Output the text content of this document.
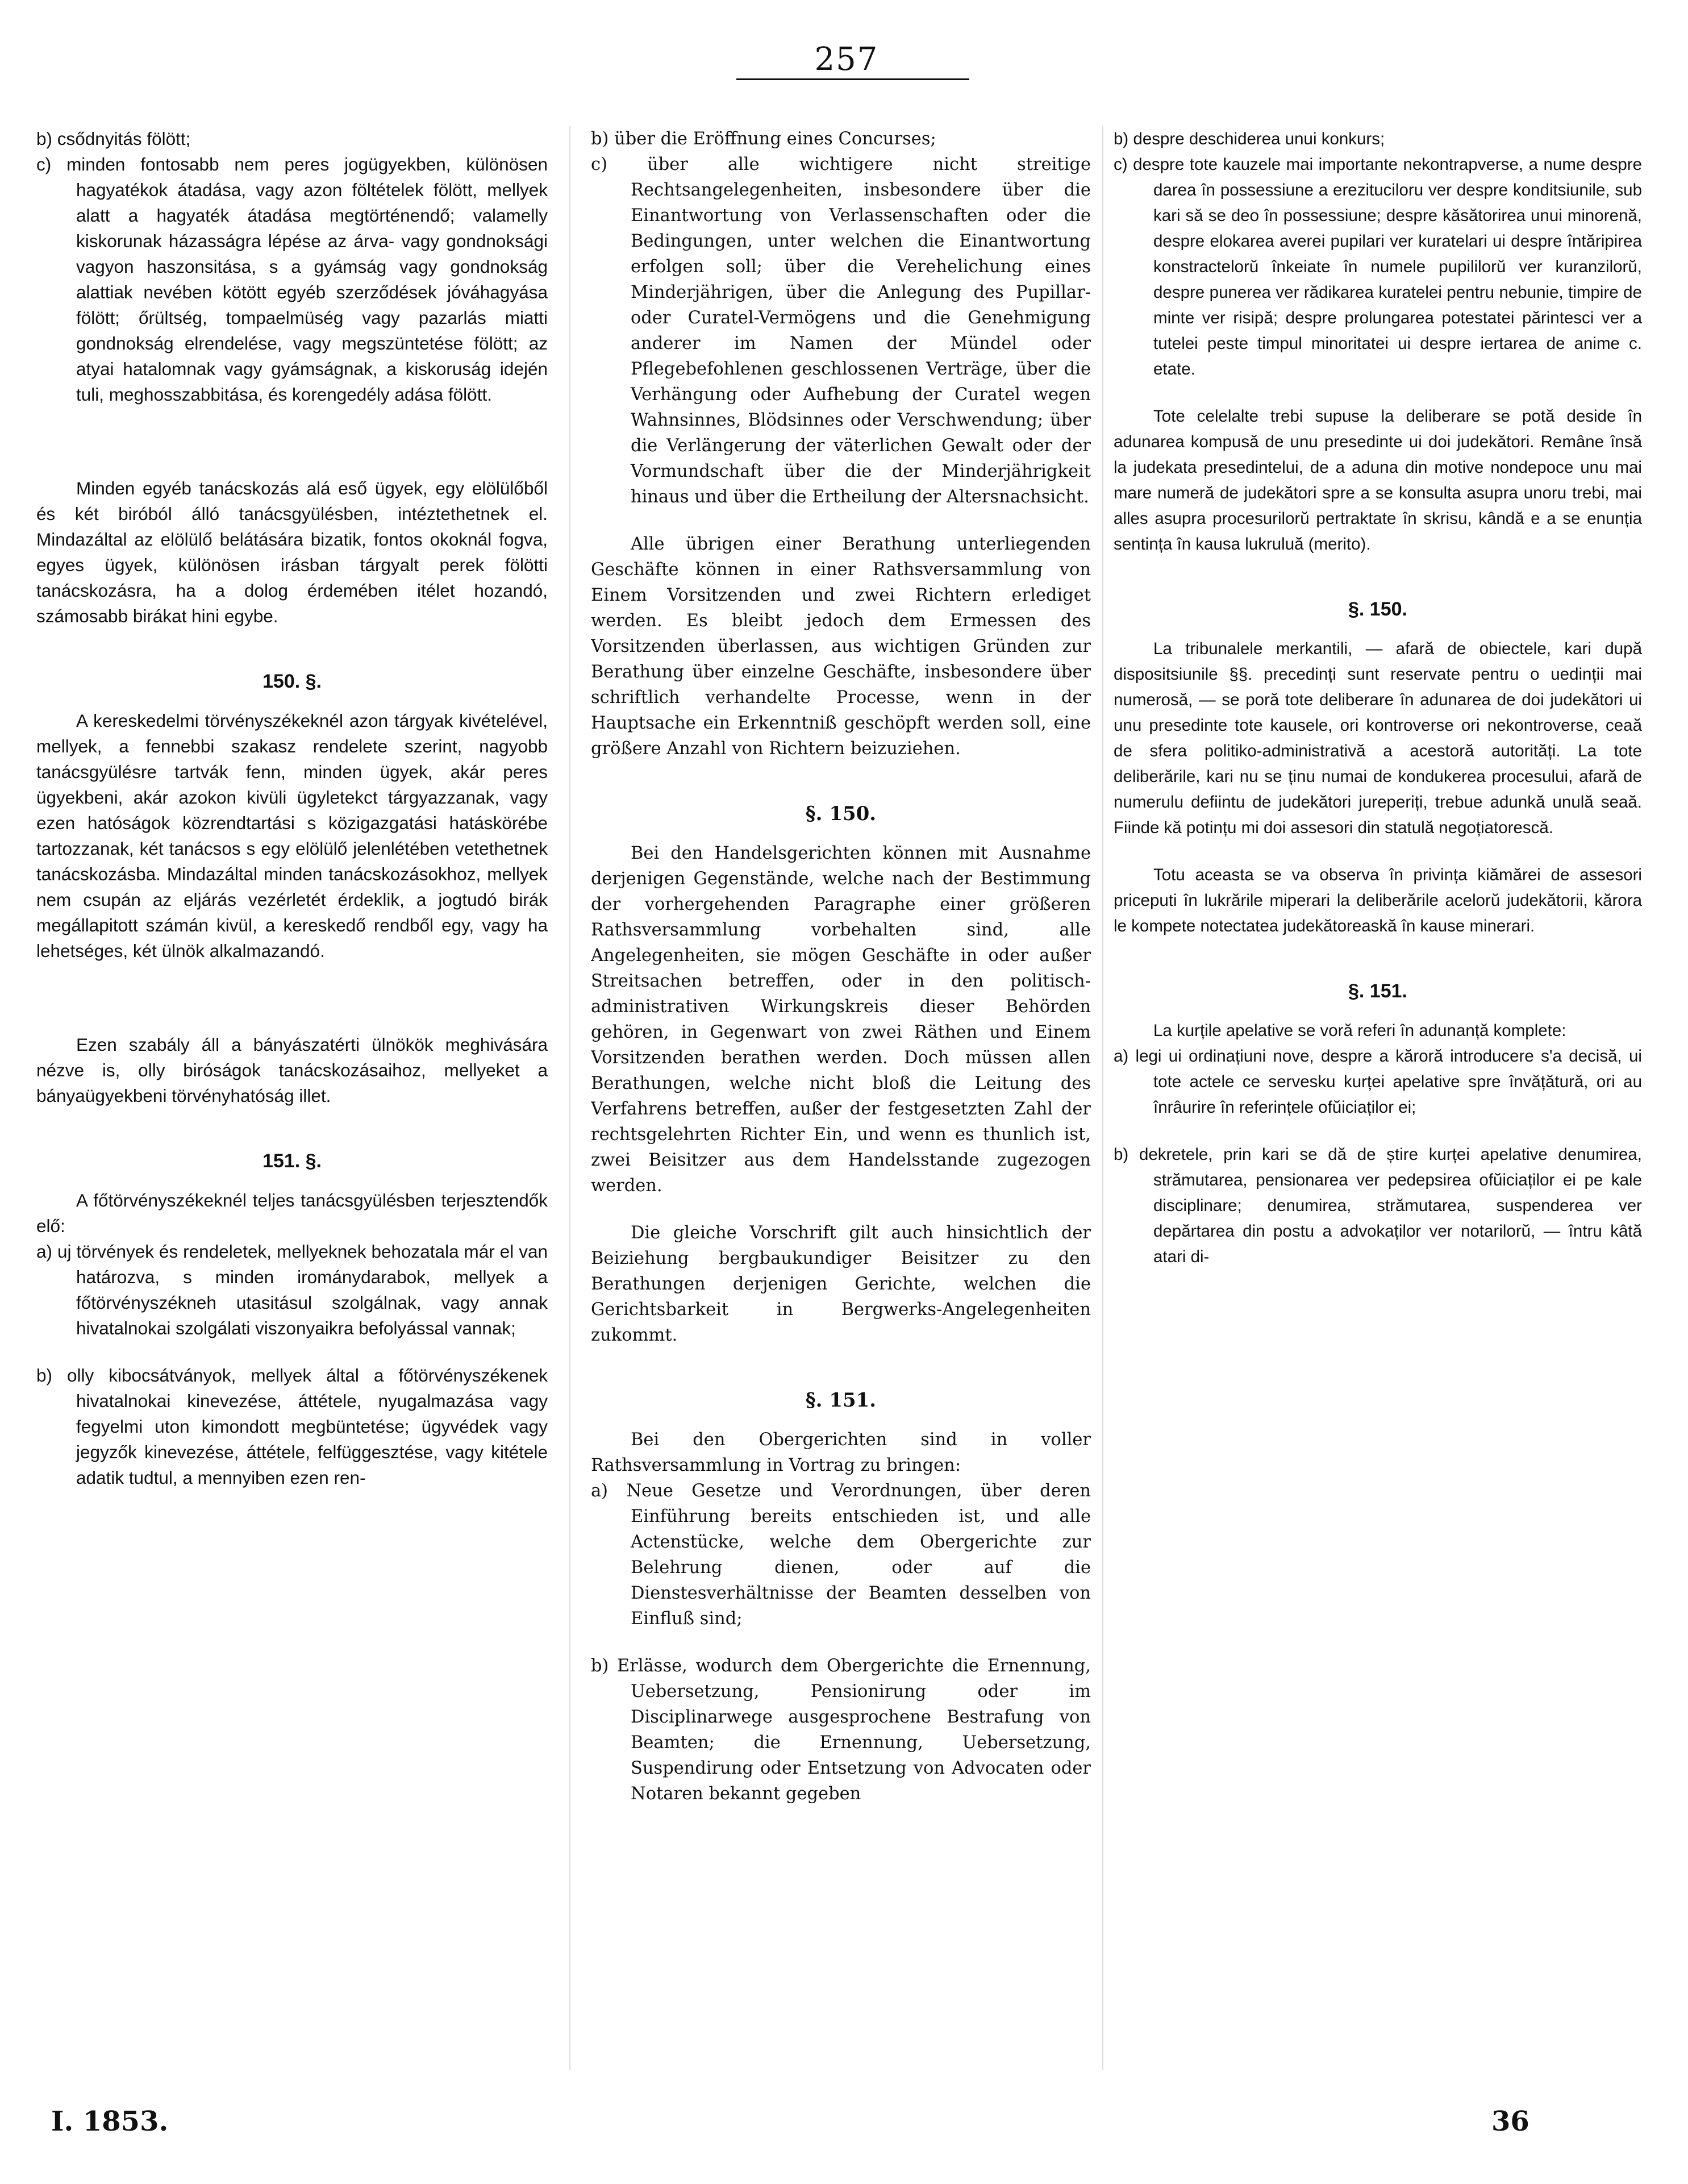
257

b) csődnyitás fölött;

c) minden fontosabb nem peres jogügyekben, különösen hagyatékok átadása, vagy azon föltételek fölött, mellyek alatt a hagyaték átadása megtörténendő; valamelly kiskorunak házasságra lépése az árva- vagy gondnoksági vagyon haszonsitása, s a gyámság vagy gondnokság alattiak nevében kötött egyéb szerződések jóváhagyása fölött; őrültség, tompaelmüség vagy pazarlás miatti gondnokság elrendelése, vagy megszüntetése fölött; az atyai hatalomnak vagy gyámságnak, a kiskoruság idején tuli, meghosszabbitása, és korengedély adása fölött.

Minden egyéb tanácskozás alá eső ügyek, egy elölülőből és két biróból álló tanácsgyülésben, intéztethetnek el. Mindazáltal az elölülő belátására bizatik, fontos okoknál fogva, egyes ügyek, különösen irásban tárgyalt perek fölötti tanácskozásra, ha a dolog érdemében itélet hozandó, számosabb birákat hini egybe.

150. §.

A kereskedelmi törvényszékeknél azon tárgyak kivételével, mellyek, a fennebbi szakasz rendelete szerint, nagyobb tanácsgyülésre tartvák fenn, minden ügyek, akár peres ügyekbeni, akár azokon kivüli ügyletekct tárgyazzanak, vagy ezen hatóságok közrendtartási s közigazgatási hatáskörébe tartozzanak, két tanácsos s egy elölülő jelenlétében vetethetnek tanácskozásba. Mindazáltal minden tanácskozásokhoz, mellyek nem csupán az eljárás vezérletét érdeklik, a jogtudó birák megállapitott számán kivül, a kereskedő rendből egy, vagy ha lehetséges, két ülnök alkalmazandó.

Ezen szabály áll a bányászatérti ülnökök meghivására nézve is, olly biróságok tanácskozásaihoz, mellyeket a bányaügyekbeni törvényhatóság illet.

151. §.

A főtörvényszékeknél teljes tanácsgyülésben terjesztendők elő:

a) uj törvények és rendeletek, mellyeknek behozatala már el van határozva, s minden irománydarabok, mellyek a főtörvényszékneh utasitásul szolgálnak, vagy annak hivatalnokai szolgálati viszonyaikra befolyással vannak;

b) olly kibocsátványok, mellyek által a főtörvényszékenek hivatalnokai kinevezése, áttétele, nyugalmazása vagy fegyelmi uton kimondott megbüntetése; ügyvédek vagy jegyzők kinevezése, áttétele, felfüggesztése, vagy kitétele adatik tudtul, a mennyiben ezen ren-

b) über die Eröffnung eines Concurses;

c) über alle wichtigere nicht streitige Rechtsangelegenheiten, insbesondere über die Einantwortung von Verlassenschaften oder die Bedingungen, unter welchen die Einantwortung erfolgen soll; über die Verehelichung eines Minderjährigen, über die Anlegung des Pupillar- oder Curatel-Vermögens und die Genehmigung anderer im Namen der Mündel oder Pflegebefohlenen geschlossenen Verträge, über die Verhängung oder Aufhebung der Curatel wegen Wahnsinnes, Blödsinnes oder Verschwendung; über die Verlängerung der väterlichen Gewalt oder der Vormundschaft über die der Minderjährigkeit hinaus und über die Ertheilung der Altersnachsicht.

Alle übrigen einer Berathung unterliegenden Geschäfte können in einer Rathsversammlung von Einem Vorsitzenden und zwei Richtern erlediget werden. Es bleibt jedoch dem Ermessen des Vorsitzenden überlassen, aus wichtigen Gründen zur Berathung über einzelne Geschäfte, insbesondere über schriftlich verhandelte Processe, wenn in der Hauptsache ein Erkenntniß geschöpft werden soll, eine größere Anzahl von Richtern beizuziehen.

§. 150.

Bei den Handelsgerichten können mit Ausnahme derjenigen Gegenstände, welche nach der Bestimmung der vorhergehenden Paragraphe einer größeren Rathsversammlung vorbehalten sind, alle Angelegenheiten, sie mögen Geschäfte in oder außer Streitsachen betreffen, oder in den politisch-administrativen Wirkungskreis dieser Behörden gehören, in Gegenwart von zwei Räthen und Einem Vorsitzenden berathen werden. Doch müssen allen Berathungen, welche nicht bloß die Leitung des Verfahrens betreffen, außer der festgesetzten Zahl der rechtsgelehrten Richter Ein, und wenn es thunlich ist, zwei Beisitzer aus dem Handelsstande zugezogen werden.

Die gleiche Vorschrift gilt auch hinsichtlich der Beiziehung bergbaukundiger Beisitzer zu den Berathungen derjenigen Gerichte, welchen die Gerichtsbarkeit in Bergwerks-Angelegenheiten zukommt.

§. 151.

Bei den Obergerichten sind in voller Rathsversammlung in Vortrag zu bringen:

a) Neue Gesetze und Verordnungen, über deren Einführung bereits entschieden ist, und alle Actenstücke, welche dem Obergerichte zur Belehrung dienen, oder auf die Dienstesverhältnisse der Beamten desselben von Einfluß sind;

b) Erlässe, wodurch dem Obergerichte die Ernennung, Uebersetzung, Pensionirung oder im Disciplinarwege ausgesprochene Bestrafung von Beamten; die Ernennung, Uebersetzung, Suspendirung oder Entsetzung von Advocaten oder Notaren bekannt gegeben

b) despre deschiderea unui konkurs;

c) despre tote kauzele mai importante nekontrapverse, a nume despre darea în possessiune a erezituciloru ver despre konditsiunile, sub kari să se deo în possessiune; despre kăsătorirea unui minorenă, despre elokarea averei pupilari ver kuratelari ui despre întăripirea konstractelorŭ înkeiate în numele pupililorŭ ver kuranzilorŭ, despre punerea ver rădikarea kuratelei pentru nebunie, timpire de minte ver risipă; despre prolungarea potestatei părintesci ver a tutelei peste timpul minoritatei ui despre iertarea de anime c. etate.

Tote celelalte trebi supuse la deliberare se potă deside în adunarea kompusă de unu presedinte ui doi judekători. Remâne însă la judekata presedintelui, de a aduna din motive nondepoce unu mai mare numeră de judekători spre a se konsulta asupra unoru trebi, mai alles asupra procesurilorŭ pertraktate în skrisu, kândă e a se enunția sentința în kausa lukruluă (merito).

§. 150.

La tribunalele merkantili, — afară de obiectele, kari după dispositsiunile §§. precedinți sunt reservate pentru o uedinții mai numerosă, — se poră tote deliberare în adunarea de doi judekători ui unu presedinte tote kausele, ori kontroverse ori nekontroverse, ceaă de sfera politiko-administrativă a acestoră autorități. La tote deliberările, kari nu se ținu numai de kondukerea procesului, afară de numerulu defiintu de judekători jureperiți, trebue adunkă unulă seaă. Fiinde kă potințu mi doi assesori din statulă negoțiatorescă.

Totu aceasta se va observa în privința kiămărei de assesori priceputi în lukrările miperari la deliberările acelorŭ judekătorii, kărora le kompete notectatea judekătoreaskă în kause minerari.

§. 151.

La kurțile apelative se voră referi în adunanță komplete:

a) legi ui ordinațiuni nove, despre a kăroră introducere s'a decisă, ui tote actele ce servesku kurței apelative spre învățătură, ori au înrâurire în referințele ofŭiciaților ei;

b) dekretele, prin kari se dă de știre kurței apelative denumirea, strămutarea, pensionarea ver pedepsirea ofŭiciaților ei pe kale disciplinare; denumirea, strămutarea, suspenderea ver depărtarea din postu a advokaților ver notarilorŭ, — întru kâtă atari di-

I. 1853.	36
